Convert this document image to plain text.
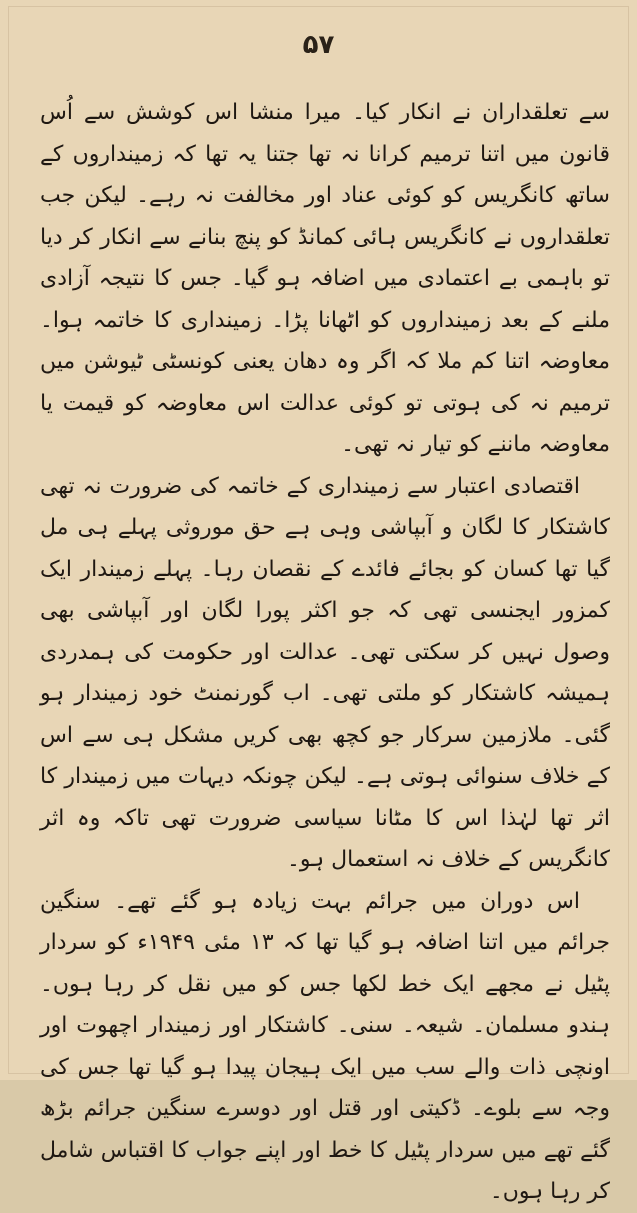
۵۷

سے تعلقداران نے انکار کیا۔ میرا منشا اس کوشش سے اُس قانون میں اتنا ترمیم کرانا نہ تھا جتنا یہ تھا کہ زمینداروں کے ساتھ کانگریس کو کوئی عناد اور مخالفت نہ رہے۔ لیکن جب تعلقداروں نے کانگریس ہائی کمانڈ کو پنچ بنانے سے انکار کر دیا تو باہمی بے اعتمادی میں اضافہ ہو گیا۔ جس کا نتیجہ آزادی ملنے کے بعد زمینداروں کو اٹھانا پڑا۔ زمینداری کا خاتمہ ہوا۔ معاوضہ اتنا کم ملا کہ اگر وہ دھان یعنی کونسٹی ٹیوشن میں ترمیم نہ کی ہوتی تو کوئی عدالت اس معاوضہ کو قیمت یا معاوضہ ماننے کو تیار نہ تھی۔

اقتصادی اعتبار سے زمینداری کے خاتمہ کی ضرورت نہ تھی کاشتکار کا لگان و آبپاشی وہی ہے حق موروثی پہلے ہی مل گیا تھا کسان کو بجائے فائدے کے نقصان رہا۔ پہلے زمیندار ایک کمزور ایجنسی تھی کہ جو اکثر پورا لگان اور آبپاشی بھی وصول نہیں کر سکتی تھی۔ عدالت اور حکومت کی ہمدردی ہمیشہ کاشتکار کو ملتی تھی۔ اب گورنمنٹ خود زمیندار ہو گئی۔ ملازمین سرکار جو کچھ بھی کریں مشکل ہی سے اس کے خلاف سنوائی ہوتی ہے۔ لیکن چونکہ دیہات میں زمیندار کا اثر تھا لہٰذا اس کا مٹانا سیاسی ضرورت تھی تاکہ وہ اثر کانگریس کے خلاف نہ استعمال ہو۔

اس دوران میں جرائم بہت زیادہ ہو گئے تھے۔ سنگین جرائم میں اتنا اضافہ ہو گیا تھا کہ ۱۳ مئی ۱۹۴۹ء کو سردار پٹیل نے مجھے ایک خط لکھا جس کو میں نقل کر رہا ہوں۔ ہندو مسلمان۔ شیعہ۔ سنی۔ کاشتکار اور زمیندار اچھوت اور اونچی ذات والے سب میں ایک ہیجان پیدا ہو گیا تھا جس کی وجہ سے بلوے۔ ڈکیتی اور قتل اور دوسرے سنگین جرائم بڑھ گئے تھے میں سردار پٹیل کا خط اور اپنے جواب کا اقتباس شامل کر رہا ہوں۔
